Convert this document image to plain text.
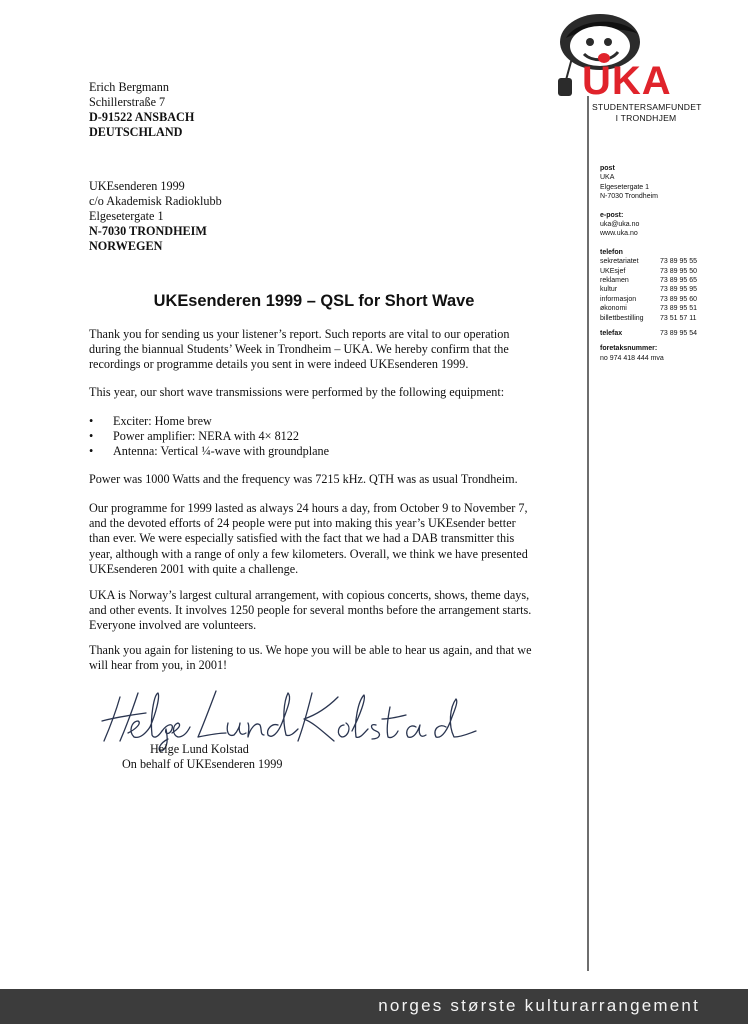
Erich Bergmann
Schillerstraße 7
D-91522 ANSBACH
DEUTSCHLAND
UKEsenderen 1999
c/o Akademisk Radioklubb
Elgesetergate 1
N-7030 TRONDHEIM
NORWEGEN
UKEsenderen 1999 – QSL for Short Wave
Thank you for sending us your listener’s report. Such reports are vital to our operation
during the biannual Students’ Week in Trondheim – UKA. We hereby confirm that the
recordings or programme details you sent in were indeed UKEsenderen 1999.
This year, our short wave transmissions were performed by the following equipment:
• Exciter: Home brew
• Power amplifier: NERA with 4× 8122
• Antenna: Vertical ¼-wave with groundplane
Power was 1000 Watts and the frequency was 7215 kHz. QTH was as usual Trondheim.
Our programme for 1999 lasted as always 24 hours a day, from October 9 to November 7,
and the devoted efforts of 24 people were put into making this year’s UKEsender better
than ever. We were especially satisfied with the fact that we had a DAB transmitter this
year, although with a range of only a few kilometers. Overall, we think we have presented
UKEsenderen 2001 with quite a challenge.
UKA is Norway’s largest cultural arrangement, with copious concerts, shows, theme days,
and other events. It involves 1250 people for several months before the arrangement starts.
Everyone involved are volunteers.
Thank you again for listening to us. We hope you will be able to hear us again, and that we
will hear from you, in 2001!
Helge Lund Kolstad
On behalf of UKEsenderen 1999
UKA
STUDENTERSAMFUNDET
I TRONDHJEM
post
UKA
Elgesetergate 1
N-7030 Trondheim
e-post:
uka@uka.no
www.uka.no
telefon
sekretariatet	73 89 95 55
UKEsjef	73 89 95 50
reklamen	73 89 95 65
kultur	73 89 95 95
informasjon	73 89 95 60
økonomi	73 89 95 51
billettbestilling 73 51 57 11
telefax	73 89 95 54
foretaksnummer:
no 974 418 444 mva
norges største kulturarrangement
